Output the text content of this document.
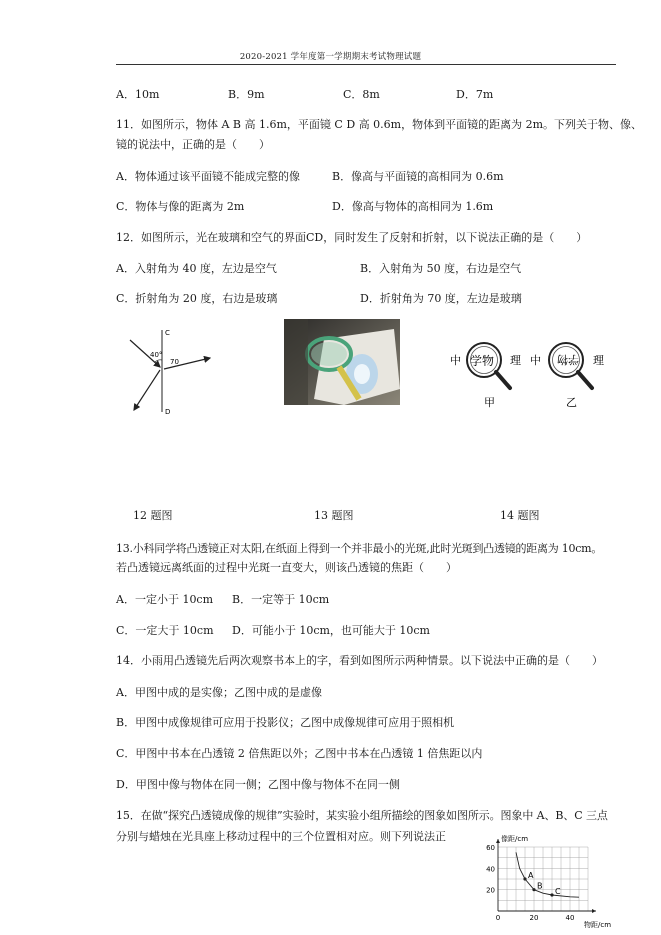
2020-2021 学年度第一学期期末考试物理试题
A．10m	B．9m	C．8m	D．7m
11．如图所示，物体 A B 高 1.6m，平面镜 C D 高 0.6m，物体到平面镜的距离为 2m。下列关于物、像、
镜的说法中，正确的是（　　）
A．物体通过该平面镜不能成完整的像	B．像高与平面镜的高相同为 0.6m
C．物体与像的距离为 2m	D．像高与物体的高相同为 1.6m
12．如图所示，光在玻璃和空气的界面CD，同时发生了反射和折射，以下说法正确的是（　　）
A．入射角为 40 度，左边是空气	B．入射角为 50 度，右边是空气
C．折射角为 20 度，右边是玻璃	D．折射角为 70 度，左边是玻璃
C
D
40°
70	中 学物 理
甲
中 学物 理
乙
12 题图	13 题图	14 题图
13.小科同学将凸透镜正对太阳,在纸面上得到一个并非最小的光斑,此时光斑到凸透镜的距离为 10cm。
若凸透镜远离纸面的过程中光斑一直变大，则该凸透镜的焦距（　　）
A．一定小于 10cm B．一定等于 10cm
C．一定大于 10cm D．可能小于 10cm，也可能大于 10cm
14．小雨用凸透镜先后两次观察书本上的字，看到如图所示两种情景。以下说法中正确的是（　　）
A．甲图中成的是实像；乙图中成的是虚像
B．甲图中成像规律可应用于投影仪；乙图中成像规律可应用于照相机
C．甲图中书本在凸透镜 2 倍焦距以外；乙图中书本在凸透镜 1 倍焦距以内
D．甲图中像与物体在同一侧；乙图中像与物体不在同一侧
15．在做“探究凸透镜成像的规律”实验时，某实验小组所描绘的图象如图所示。图象中 A、B、C 三点
分别与蜡烛在光具座上移动过程中的三个位置相对应。则下列说法正
20
40
60
0	20	40
像距/cm
物距/cm
A
B
C
